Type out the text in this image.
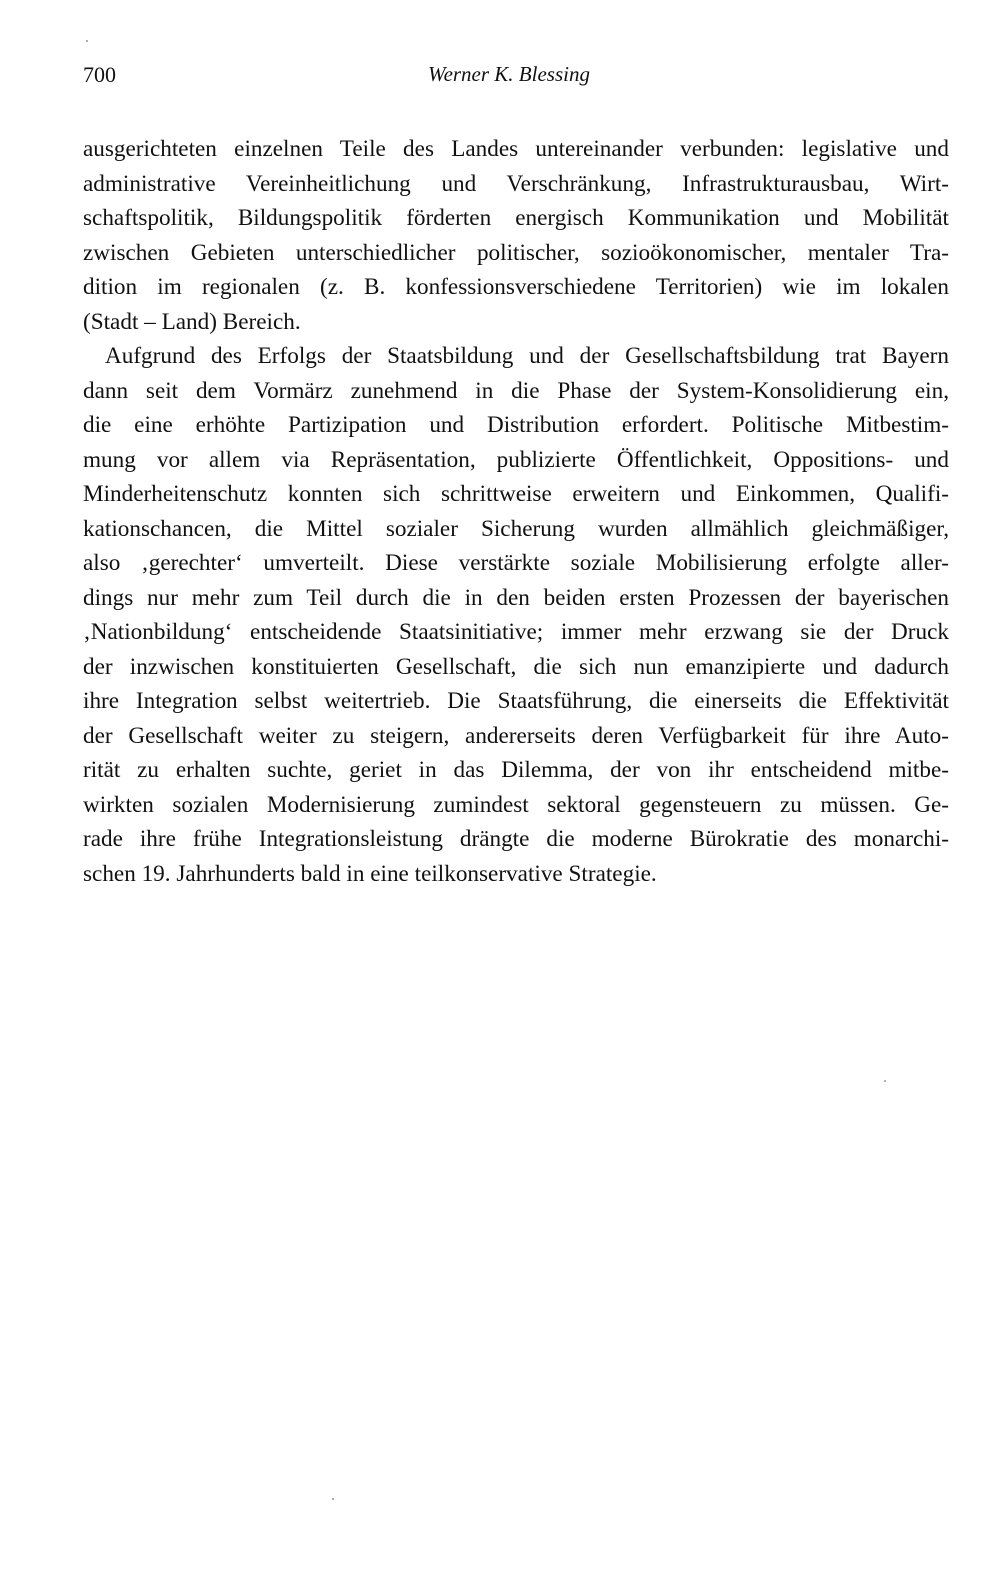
700	Werner K. Blessing
ausgerichteten einzelnen Teile des Landes untereinander verbunden: legislative und
administrative Vereinheitlichung und Verschränkung, Infrastrukturausbau, Wirt-
schaftspolitik, Bildungspolitik förderten energisch Kommunikation und Mobilität
zwischen Gebieten unterschiedlicher politischer, sozioökonomischer, mentaler Tra-
dition im regionalen (z. B. konfessionsverschiedene Territorien) wie im lokalen
(Stadt – Land) Bereich.
Aufgrund des Erfolgs der Staatsbildung und der Gesellschaftsbildung trat Bayern
dann seit dem Vormärz zunehmend in die Phase der System-Konsolidierung ein,
die eine erhöhte Partizipation und Distribution erfordert. Politische Mitbestim-
mung vor allem via Repräsentation, publizierte Öffentlichkeit, Oppositions- und
Minderheitenschutz konnten sich schrittweise erweitern und Einkommen, Qualifi-
kationschancen, die Mittel sozialer Sicherung wurden allmählich gleichmäßiger,
also ‚gerechter‘ umverteilt. Diese verstärkte soziale Mobilisierung erfolgte aller-
dings nur mehr zum Teil durch die in den beiden ersten Prozessen der bayerischen
‚Nationbildung‘ entscheidende Staatsinitiative; immer mehr erzwang sie der Druck
der inzwischen konstituierten Gesellschaft, die sich nun emanzipierte und dadurch
ihre Integration selbst weitertrieb. Die Staatsführung, die einerseits die Effektivität
der Gesellschaft weiter zu steigern, andererseits deren Verfügbarkeit für ihre Auto-
rität zu erhalten suchte, geriet in das Dilemma, der von ihr entscheidend mitbe-
wirkten sozialen Modernisierung zumindest sektoral gegensteuern zu müssen. Ge-
rade ihre frühe Integrationsleistung drängte die moderne Bürokratie des monarchi-
schen 19. Jahrhunderts bald in eine teilkonservative Strategie.
